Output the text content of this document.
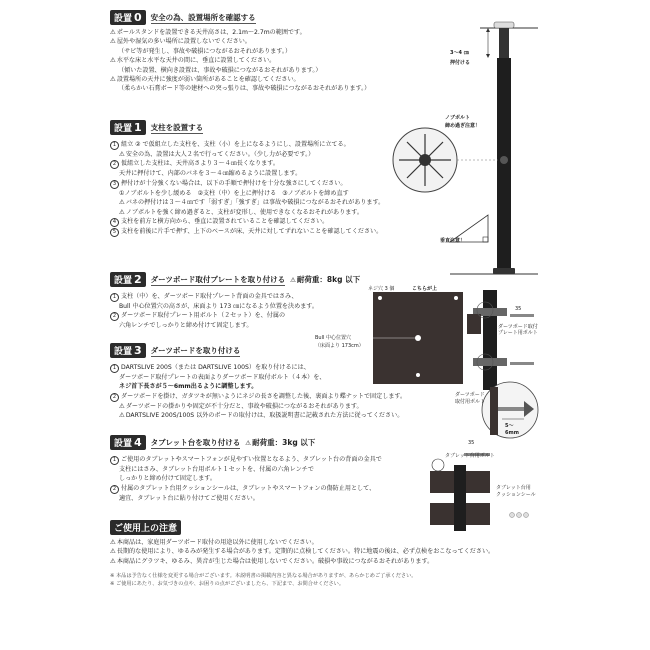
設置 0	安全の為、設置場所を確認する
⚠ ポールスタンドを設置できる天井高さは、2.1m～2.7mの範囲です。
⚠ 屋外や湿気の多い場所に設置しないでください。
（サビ等が発生し、事故や破損につながるおそれがあります。）
⚠ 水平な床と水平な天井の間に、垂直に設置してください。
（傾いた設置、横向き設置は、事故や破損につながるおそれがあります。）
⚠ 設置場所の天井に強度が弱い箇所があることを確認してください。
（柔らかい石膏ボード等の建材への突っ張りは、事故や破損につながるおそれがあります。）
設置 1	支柱を設置する
1 組立 ② で仮組立した支柱を、支柱（小）を上になるようにし、設置場所に立てる。
⚠ 安全の為、設置は大人２名で行ってください。（少し力が必要です。）
2 仮組立した支柱は、天井高さより３～４㎝長くなります。
天井に押付けて、内部のバネを３～４㎝縮めるように設置します。
3 押付けが十分強くない場合は、以下の手順で押付けを十分な強さにしてください。
①ノブボルトを少し緩める　②支柱（中）を上に押付ける　③ノブボルトを締め直す
⚠ バネの押付けは３～４㎝です「弱すぎ」「強すぎ」は事故や破損につながるおそれがあります。
⚠ ノブボルトを強く締め過ぎると、支柱が変形し、使用できなくなるおそれがあります。
4 支柱を前方と横方向から、垂直に設置されていることを確認してください。
5 支柱を前後に片手で押す、上下のベースが床、天井に対してずれないことを確認してください。
設置 2	ダーツボード取付プレートを取り付ける	⚠ 耐荷重：8kg 以下
1 支柱（中）を、ダーツボード取付プレート背面の金具ではさみ、
Bull 中心位置穴の高さが、床面より 173 ㎝になるよう位置を決めます。
2 ダーツボード取付プレート用ボルト（２セット）を、付属の
六角レンチでしっかりと締め付けて固定します。
設置 3	ダーツボードを取り付ける
1 DARTSLIVE 200S（または DARTSLIVE 100S）を取り付けるには、
ダーツボード取付プレートの表面よりダーツボード取付ボルト（４本）を、
ネジ首下長さが５～6mm出るように調整します。
2 ダーツボードを掛け、ガタツキが無いようにネジの長さを調整した後、裏面より蝶ナットで固定します。
⚠ ダーツボードの掛かりや固定が不十分だと、事故や破損につながるおそれがあります。
⚠ DARTSLIVE 200S/100S 以外のボードの取付けは、取扱説明書に記載された方法に従ってください。
設置 4	タブレット台を取り付ける	⚠ 耐荷重：3kg 以下
1 ご使用のタブレットやスマートフォンが見やすい位置となるよう、タブレット台の背面の金具で
支柱にはさみ、タブレット台用ボルト１セットを、付属の六角レンチで
しっかりと締め付けて固定します。
2 付属のタブレット台用クッションシールは、タブレットやスマートフォンの傷防止用として、
適宜、タブレット台に貼り付けてご使用ください。
ご使用上の注意
⚠ 本商品は、家庭用ダーツボード取付の用途以外に使用しないでください。
⚠ 長期的な使用により、ゆるみが発生する場合があります。定期的に点検してください。特に地震の後は、必ず点検をおこなってください。
⚠ 本商品にグラツキ、ゆるみ、異音が生じた場合は使用しないでください。破損や事故につながるおそれがあります。
※ 本品は予告なく仕様を変更する場合がございます。本説明書の掲載内容と異なる場合がありますが、あらかじめご了承ください。
※ ご使用にあたり、お気づきの点や、お困りの点がございましたら、下記まで、お問合せください。
3～4 ㎝
押付ける
ノブボルト
締め過ぎ注意！
垂直注意！
ネジ穴 3 個	こちらが上
Bull 中心位置穴
（床面より 173cm）
35
ダーツボード取付
プレート用ボルト
ダーツボード
取付用ボルト
5～
6mm
35
タブレット台用ボルト
タブレット台用
クッションシール
